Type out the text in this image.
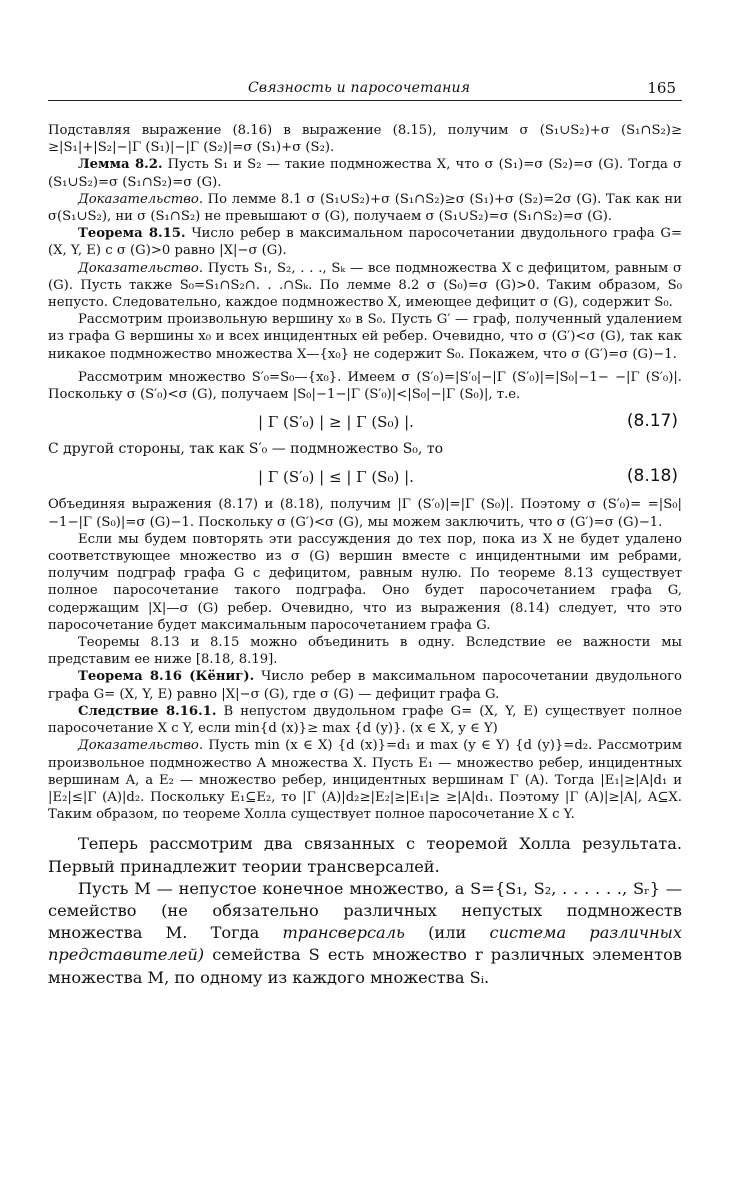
Связность и паросочетания	165

Подставляя выражение (8.16) в выражение (8.15), получим σ (S₁∪S₂)+σ (S₁∩S₂)≥ ≥|S₁|+|S₂|−|Γ (S₁)|−|Γ (S₂)|=σ (S₁)+σ (S₂).

Лемма 8.2. Пусть S₁ и S₂ — такие подмножества X, что σ (S₁)=σ (S₂)=σ (G). Тогда σ (S₁∪S₂)=σ (S₁∩S₂)=σ (G).

Доказательство. По лемме 8.1 σ (S₁∪S₂)+σ (S₁∩S₂)≥σ (S₁)+σ (S₂)=2σ (G). Так как ни σ(S₁∪S₂), ни σ (S₁∩S₂) не превышают σ (G), получаем σ (S₁∪S₂)=σ (S₁∩S₂)=σ (G).

Теорема 8.15. Число ребер в максимальном паросочетании двудольного графа G= (X, Y, E) с σ (G)>0 равно |X|−σ (G).

Доказательство. Пусть S₁, S₂, . . ., Sₖ — все подмножества X с дефицитом, равным σ (G). Пусть также S₀=S₁∩S₂∩. . .∩Sₖ. По лемме 8.2 σ (S₀)=σ (G)>0. Таким образом, S₀ непусто. Следовательно, каждое подмножество X, имеющее дефицит σ (G), содержит S₀.

Рассмотрим произвольную вершину x₀ в S₀. Пусть G′ — граф, полученный удалением из графа G вершины x₀ и всех инцидентных ей ребер. Очевидно, что σ (G′)<σ (G), так как никакое подмножество множества X—{x₀} не содержит S₀. Покажем, что σ (G′)=σ (G)−1.

Рассмотрим множество S′₀=S₀—{x₀}. Имеем σ (S′₀)=|S′₀|−|Γ (S′₀)|=|S₀|−1− −|Γ (S′₀)|. Поскольку σ (S′₀)<σ (G), получаем |S₀|−1−|Γ (S′₀)|<|S₀|−|Γ (S₀)|, т.е.

| Γ (S′₀) | ≥ | Γ (S₀) |.	(8.17)

С другой стороны, так как S′₀ — подмножество S₀, то

| Γ (S′₀) | ≤ | Γ (S₀) |.	(8.18)

Объединяя выражения (8.17) и (8.18), получим |Γ (S′₀)|=|Γ (S₀)|. Поэтому σ (S′₀)= =|S₀|−1−|Γ (S₀)|=σ (G)−1. Поскольку σ (G′)<σ (G), мы можем заключить, что σ (G′)=σ (G)−1.

Если мы будем повторять эти рассуждения до тех пор, пока из X не будет удалено соответствующее множество из σ (G) вершин вместе с инцидентными им ребрами, получим подграф графа G с дефицитом, равным нулю. По теореме 8.13 существует полное паросочетание такого подграфа. Оно будет паросочетанием графа G, содержащим |X|—σ (G) ребер. Очевидно, что из выражения (8.14) следует, что это паросочетание будет максимальным паросочетанием графа G.

Теоремы 8.13 и 8.15 можно объединить в одну. Вследствие ее важности мы представим ее ниже [8.18, 8.19].

Теорема 8.16 (Кёниг). Число ребер в максимальном паросочетании двудольного графа G= (X, Y, E) равно |X|−σ (G), где σ (G) — дефицит графа G.

Следствие 8.16.1. В непустом двудольном графе G= (X, Y, E) существует полное паросочетание X с Y, если min{d (x)}≥ max {d (y)}. (x ∈ X, y ∈ Y)

Доказательство. Пусть min (x ∈ X) {d (x)}=d₁ и max (y ∈ Y) {d (y)}=d₂. Рассмотрим произвольное подмножество A множества X. Пусть E₁ — множество ребер, инцидентных вершинам A, а E₂ — множество ребер, инцидентных вершинам Γ (A). Тогда |E₁|≥|A|d₁ и |E₂|≤|Γ (A)|d₂. Поскольку E₁⊆E₂, то |Γ (A)|d₂≥|E₂|≥|E₁|≥ ≥|A|d₁. Поэтому |Γ (A)|≥|A|, A⊆X. Таким образом, по теореме Холла существует полное паросочетание X с Y.

Теперь рассмотрим два связанных с теоремой Холла результата. Первый принадлежит теории трансверсалей.

Пусть M — непустое конечное множество, а S={S₁, S₂, . . . . . ., Sᵣ} — семейство (не обязательно различных непустых подмножеств множества M. Тогда трансверсаль (или система различных представителей) семейства S есть множество r различных элементов множества M, по одному из каждого множества Sᵢ.
